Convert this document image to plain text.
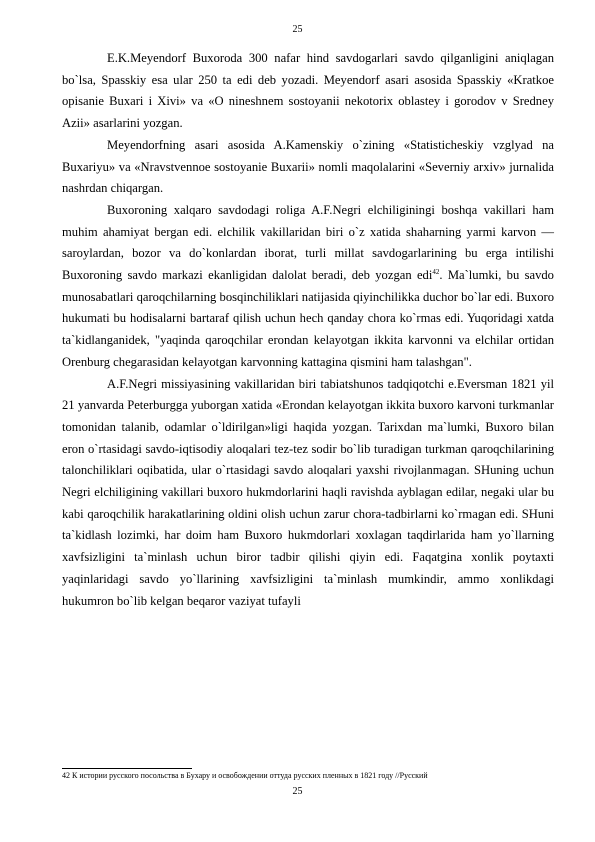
25

E.K.Meyendorf Buxoroda 300 nafar hind savdogarlari savdo qilganligini aniqlagan bo`lsa, Spasskiy esa ular 250 ta edi deb yozadi. Meyendorf asari asosida Spasskiy «Kratkoe opisanie Buxari i Xivi» va «O nineshnem sostoyanii nekotorix oblastey i gorodov v Sredney Azii» asarlarini yozgan.

Meyendorfning asari asosida A.Kamenskiy o`zining «Statisticheskiy vzglyad na Buxariyu» va «Nravstvennoe sostoyanie Buxarii» nomli maqolalarini «Severniy arxiv» jurnalida nashrdan chiqargan.

Buxoroning xalqaro savdodagi roliga A.F.Negri elchiliginingi boshqa vakillari ham muhim ahamiyat bergan edi. elchilik vakillaridan biri o`z xatida shaharning yarmi karvon — saroylardan, bozor va do`konlardan iborat, turli millat savdogarlarining bu erga intilishi Buxoroning savdo markazi ekanligidan dalolat beradi, deb yozgan edi$^{42}$. Ma`lumki, bu savdo munosabatlari qaroqchilarning bosqinchiliklari natijasida qiyinchilikka duchor bo`lar edi. Buxoro hukumati bu hodisalarni bartaraf qilish uchun hech qanday chora ko`rmas edi. Yuqoridagi xatda ta`kidlanganidek, "yaqinda qaroqchilar erondan kelayotgan ikkita karvonni va elchilar ortidan Orenburg chegarasidan kelayotgan karvonning kattagina qismini ham talashgan".

A.F.Negri missiyasining vakillaridan biri tabiatshunos tadqiqotchi e.Eversman 1821 yil 21 yanvarda Peterburgga yuborgan xatida «Erondan kelayotgan ikkita buxoro karvoni turkmanlar tomonidan talanib, odamlar o`ldirilgan»ligi haqida yozgan. Tarixdan ma`lumki, Buxoro bilan eron o`rtasidagi savdo-iqtisodiy aloqalari tez-tez sodir bo`lib turadigan turkman qaroqchilarining talonchiliklari oqibatida, ular o`rtasidagi savdo aloqalari yaxshi rivojlanmagan. SHuning uchun Negri elchiligining vakillari buxoro hukmdorlarini haqli ravishda ayblagan edilar, negaki ular bu kabi qaroqchilik harakatlarining oldini olish uchun zarur chora-tadbirlarni ko`rmagan edi. SHuni ta`kidlash lozimki, har doim ham Buxoro hukmdorlari xoxlagan taqdirlarida ham yo`llarning xavfsizligini ta`minlash uchun biror tadbir qilishi qiyin edi. Faqatgina xonlik poytaxti yaqinlaridagi savdo yo`llarining xavfsizligini ta`minlash mumkindir, ammo xonlikdagi hukumron bo`lib kelgan beqaror vaziyat tufayli

42 К истории русского посольства в Бухару и освобождении оттуда русских пленных в 1821 году //Русский
25
